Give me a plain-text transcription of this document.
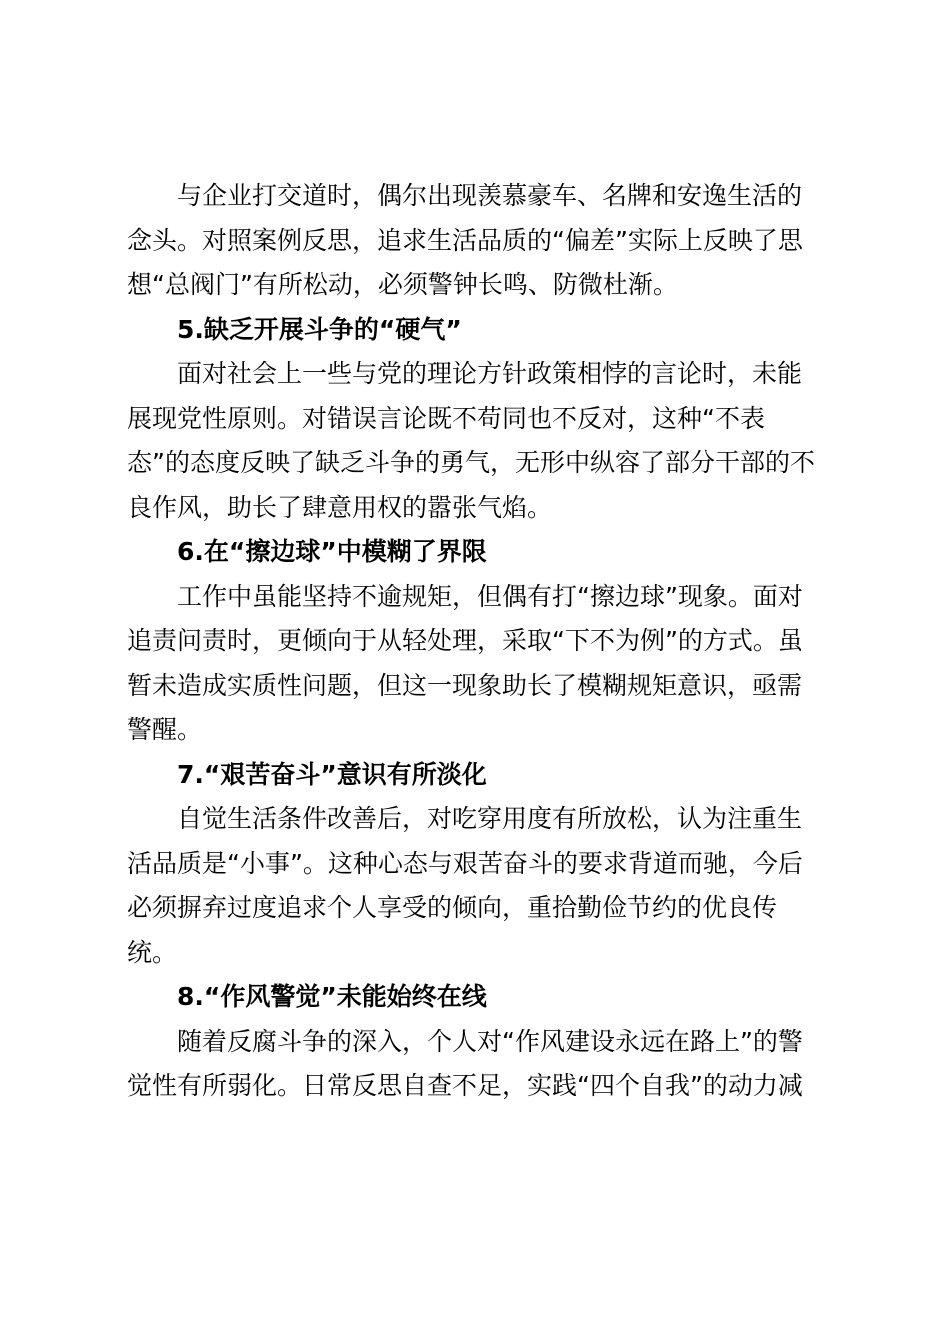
与企业打交道时，偶尔出现羡慕豪车、名牌和安逸生活的
念头。对照案例反思，追求生活品质的“偏差”实际上反映了思
想“总阀门”有所松动，必须警钟长鸣、防微杜渐。
5.缺乏开展斗争的“硬气”
面对社会上一些与党的理论方针政策相悖的言论时，未能
展现党性原则。对错误言论既不苟同也不反对，这种“不表
态”的态度反映了缺乏斗争的勇气，无形中纵容了部分干部的不
良作风，助长了肆意用权的嚣张气焰。
6.在“擦边球”中模糊了界限
工作中虽能坚持不逾规矩，但偶有打“擦边球”现象。面对
追责问责时，更倾向于从轻处理，采取“下不为例”的方式。虽
暂未造成实质性问题，但这一现象助长了模糊规矩意识，亟需
警醒。
7.“艰苦奋斗”意识有所淡化
自觉生活条件改善后，对吃穿用度有所放松，认为注重生
活品质是“小事”。这种心态与艰苦奋斗的要求背道而驰，今后
必须摒弃过度追求个人享受的倾向，重拾勤俭节约的优良传
统。
8.“作风警觉”未能始终在线
随着反腐斗争的深入，个人对“作风建设永远在路上”的警
觉性有所弱化。日常反思自查不足，实践“四个自我”的动力减
